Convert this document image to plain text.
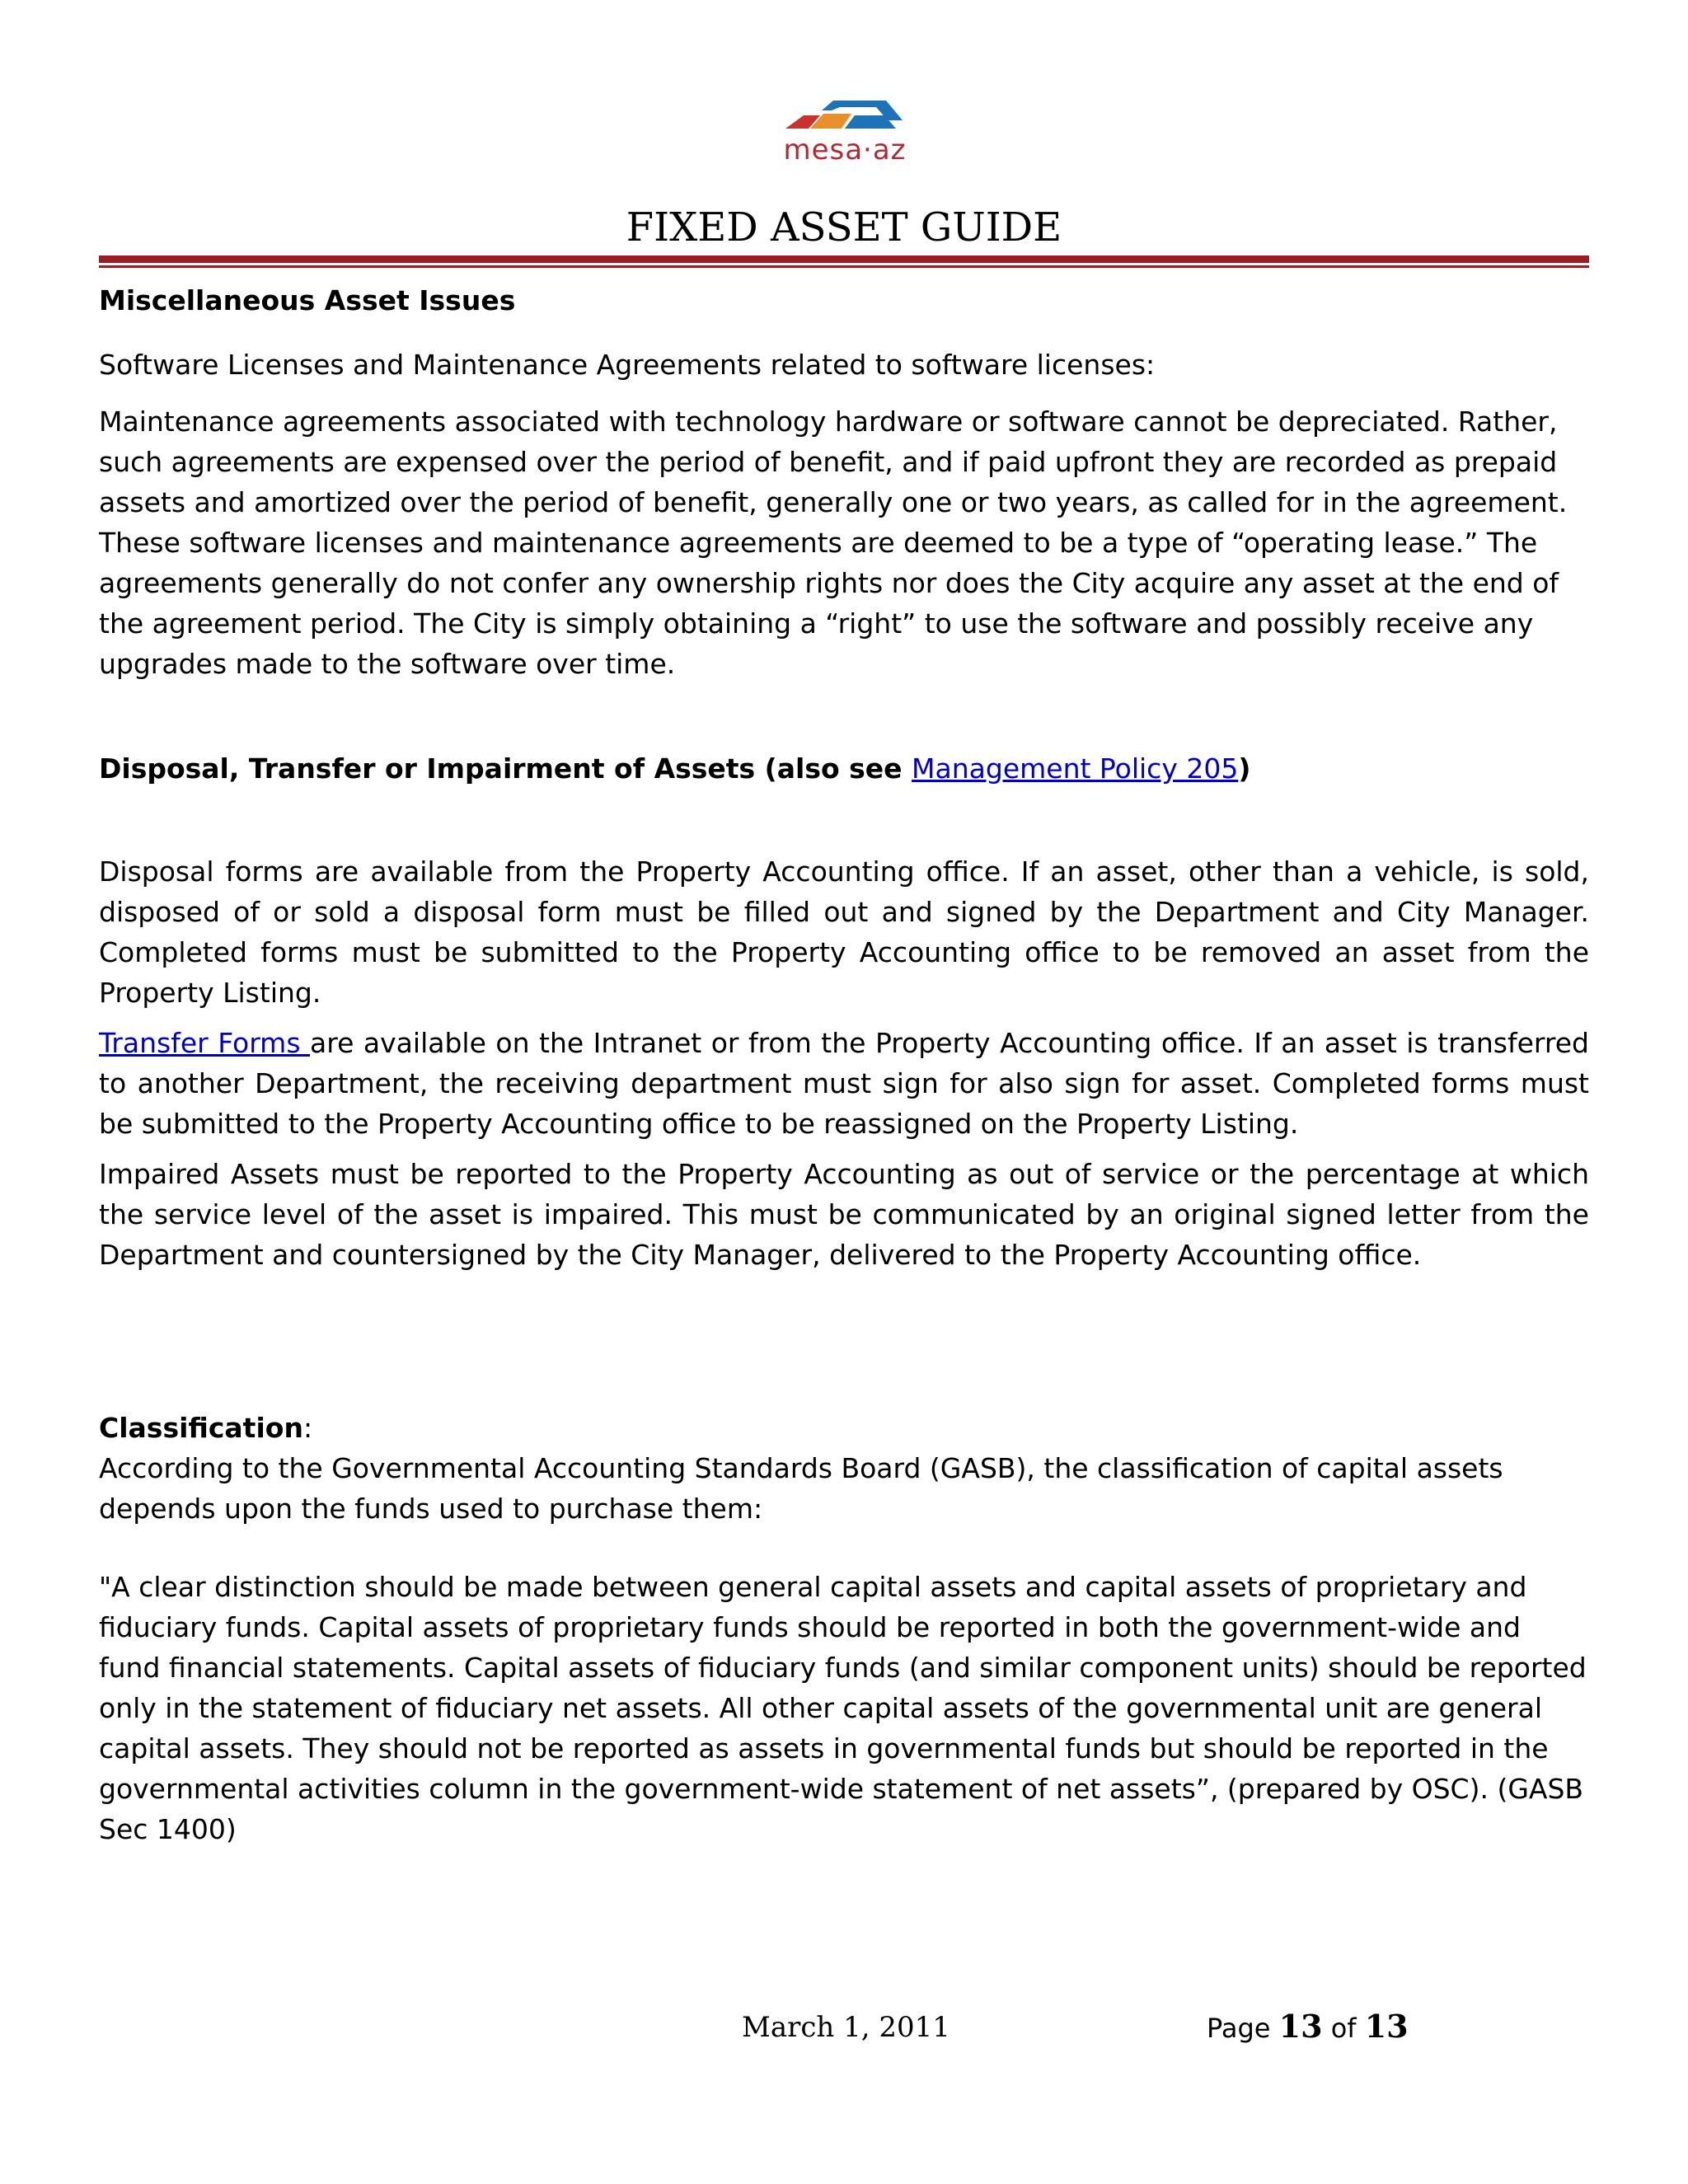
mesa·az
FIXED ASSET GUIDE

Miscellaneous Asset Issues

Software Licenses and Maintenance Agreements related to software licenses:

Maintenance agreements associated with technology hardware or software cannot be depreciated. Rather, such agreements are expensed over the period of benefit, and if paid upfront they are recorded as prepaid assets and amortized over the period of benefit, generally one or two years, as called for in the agreement. These software licenses and maintenance agreements are deemed to be a type of “operating lease.” The agreements generally do not confer any ownership rights nor does the City acquire any asset at the end of the agreement period. The City is simply obtaining a “right” to use the software and possibly receive any upgrades made to the software over time.

Disposal, Transfer or Impairment of Assets (also see Management Policy 205)

Disposal forms are available from the Property Accounting office. If an asset, other than a vehicle, is sold, disposed of or sold a disposal form must be filled out and signed by the Department and City Manager. Completed forms must be submitted to the Property Accounting office to be removed an asset from the Property Listing.

Transfer Forms are available on the Intranet or from the Property Accounting office. If an asset is transferred to another Department, the receiving department must sign for also sign for asset. Completed forms must be submitted to the Property Accounting office to be reassigned on the Property Listing.

Impaired Assets must be reported to the Property Accounting as out of service or the percentage at which the service level of the asset is impaired. This must be communicated by an original signed letter from the Department and countersigned by the City Manager, delivered to the Property Accounting office.

Classification:

According to the Governmental Accounting Standards Board (GASB), the classification of capital assets depends upon the funds used to purchase them:

"A clear distinction should be made between general capital assets and capital assets of proprietary and fiduciary funds. Capital assets of proprietary funds should be reported in both the government-wide and fund financial statements. Capital assets of fiduciary funds (and similar component units) should be reported only in the statement of fiduciary net assets. All other capital assets of the governmental unit are general capital assets. They should not be reported as assets in governmental funds but should be reported in the governmental activities column in the government-wide statement of net assets”, (prepared by OSC). (GASB Sec 1400)

March 1, 2011	Page 13 of 13
